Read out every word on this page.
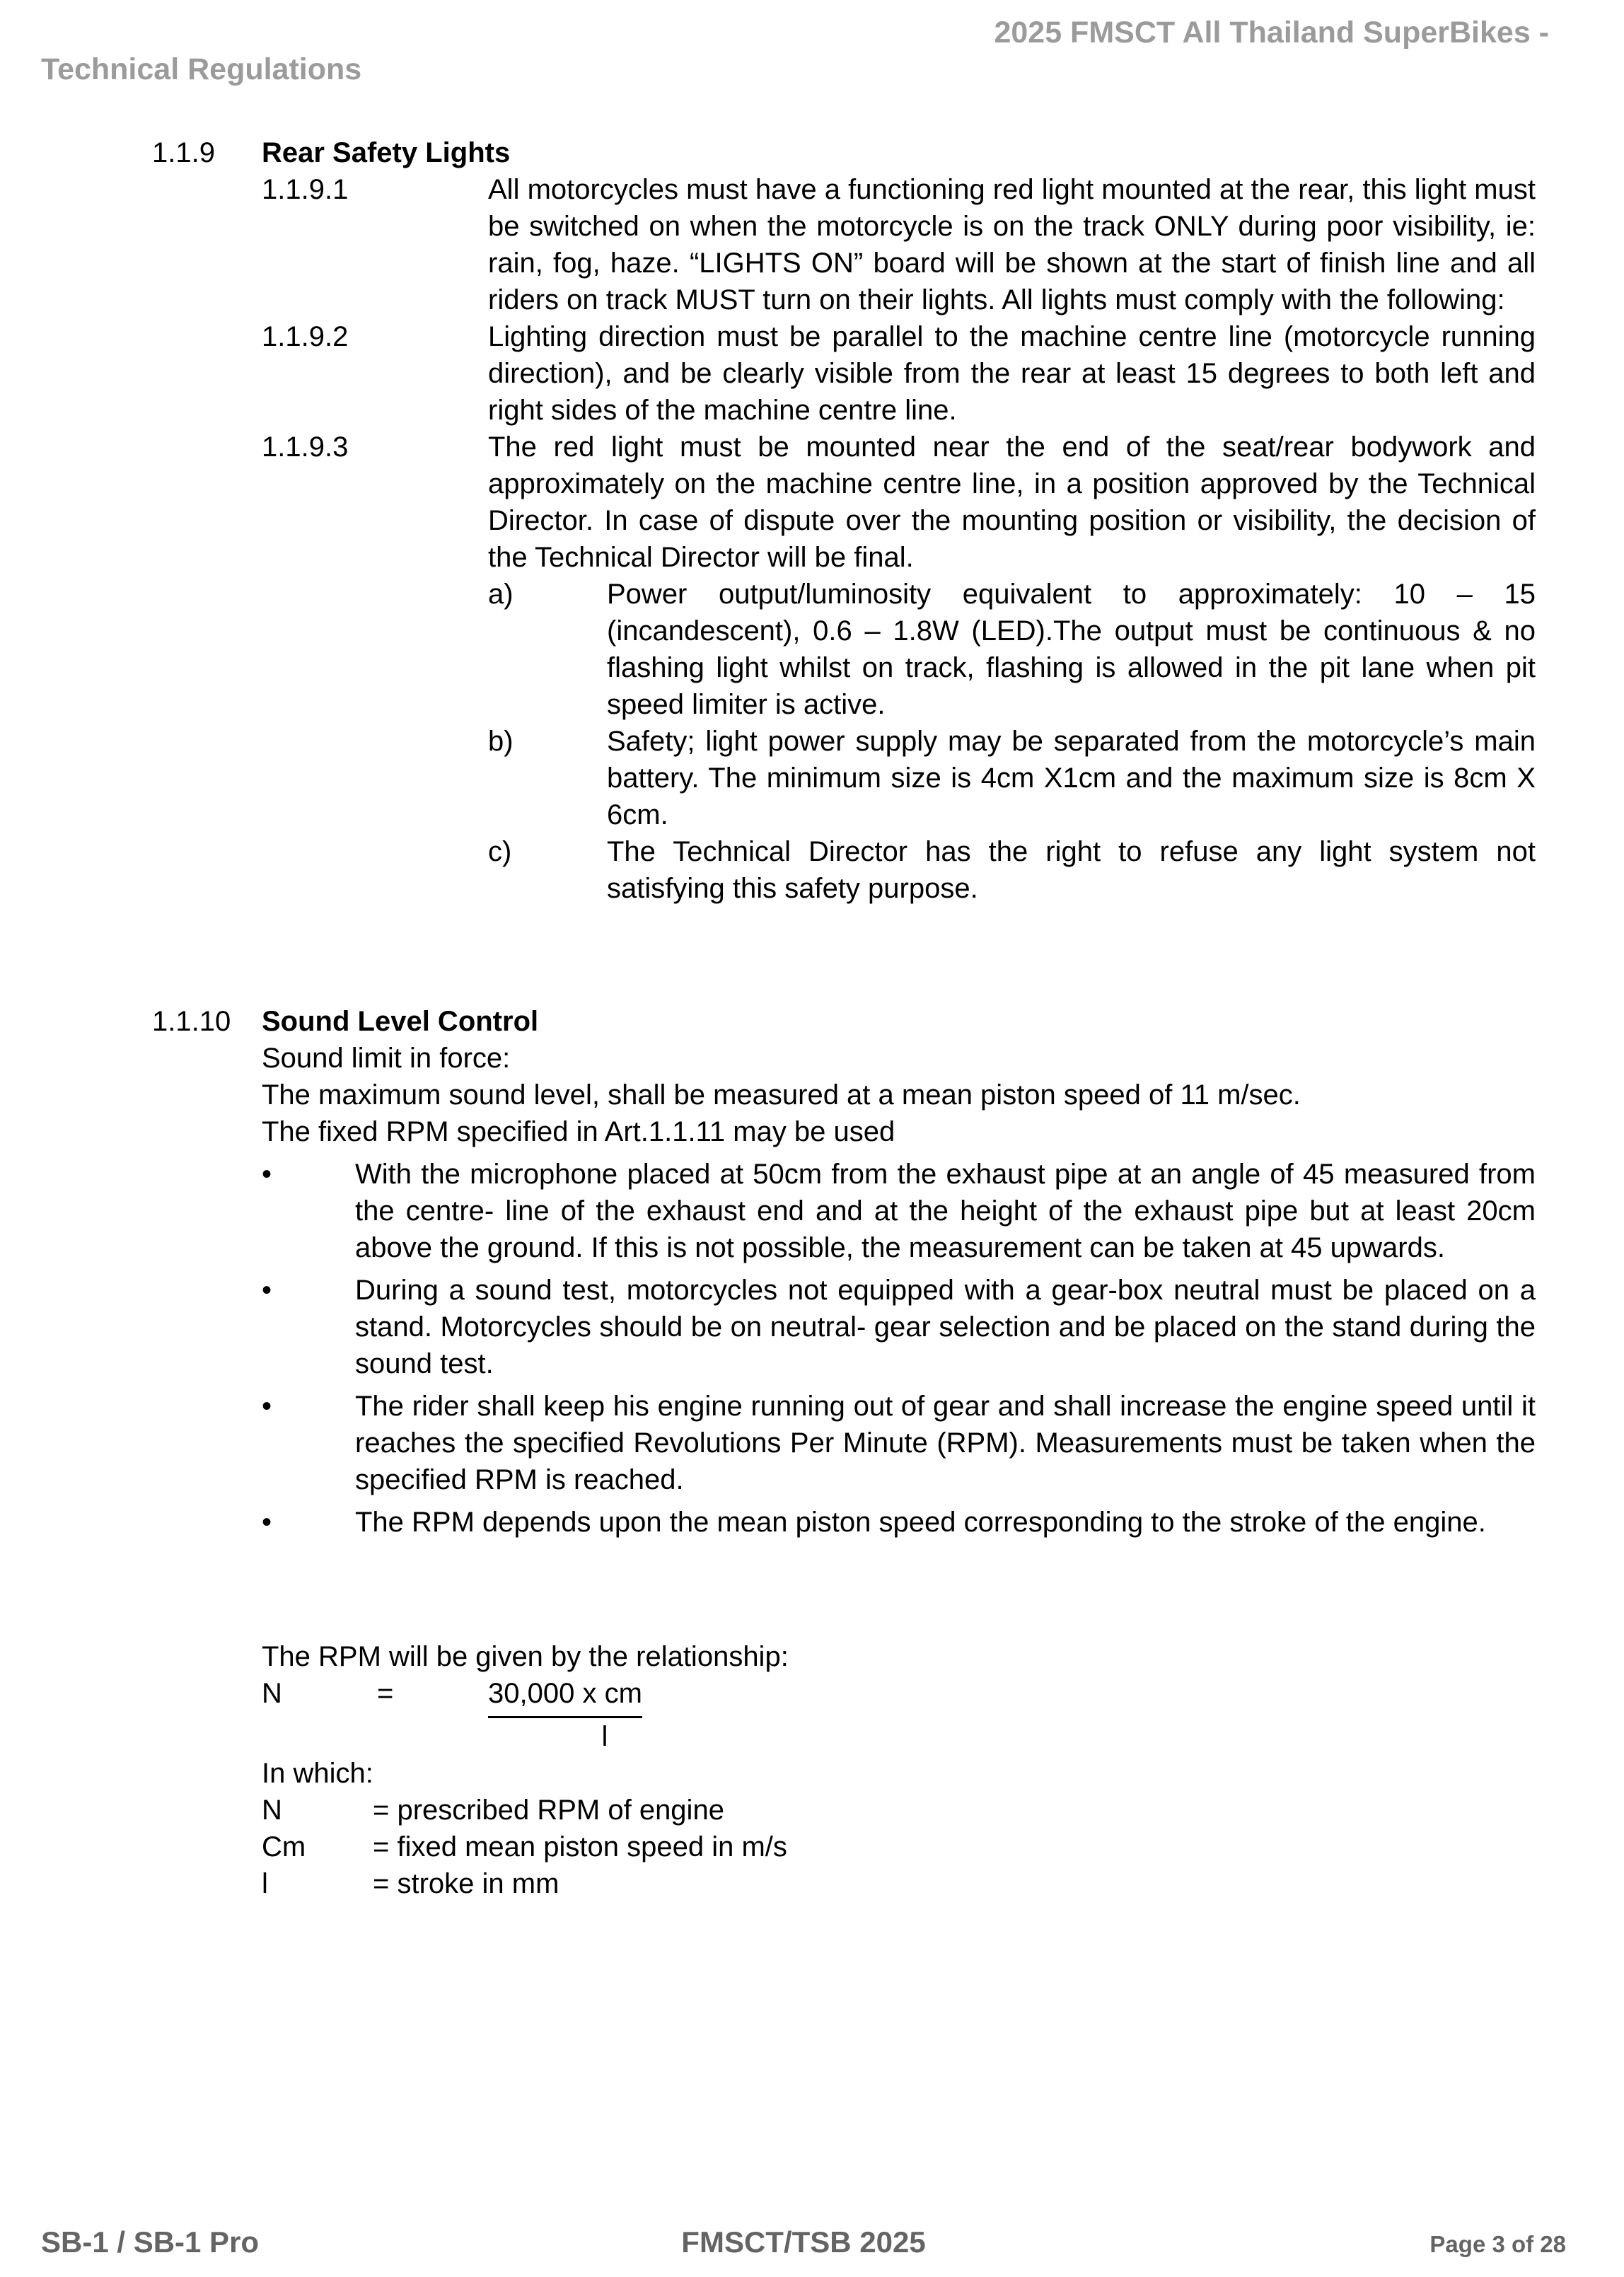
2025 FMSCT All Thailand SuperBikes -
Technical Regulations
1.1.9	Rear Safety Lights
1.1.9.1	All motorcycles must have a functioning red light mounted at the rear, this light must be switched on when the motorcycle is on the track ONLY during poor visibility, ie: rain, fog, haze. “LIGHTS ON” board will be shown at the start of finish line and all riders on track MUST turn on their lights. All lights must comply with the following:
1.1.9.2	Lighting direction must be parallel to the machine centre line (motorcycle running direction), and be clearly visible from the rear at least 15 degrees to both left and right sides of the machine centre line.
1.1.9.3	The red light must be mounted near the end of the seat/rear bodywork and approximately on the machine centre line, in a position approved by the Technical Director. In case of dispute over the mounting position or visibility, the decision of the Technical Director will be final.
a)	Power output/luminosity equivalent to approximately: 10 – 15 (incandescent), 0.6 – 1.8W (LED).The output must be continuous & no flashing light whilst on track, flashing is allowed in the pit lane when pit speed limiter is active.
b)	Safety; light power supply may be separated from the motorcycle’s main battery. The minimum size is 4cm X1cm and the maximum size is 8cm X 6cm.
c)	The Technical Director has the right to refuse any light system not satisfying this safety purpose.
1.1.10	Sound Level Control
Sound limit in force:
The maximum sound level, shall be measured at a mean piston speed of 11 m/sec.
The fixed RPM specified in Art.1.1.11 may be used
•	With the microphone placed at 50cm from the exhaust pipe at an angle of 45 measured from the centre- line of the exhaust end and at the height of the exhaust pipe but at least 20cm above the ground. If this is not possible, the measurement can be taken at 45 upwards.
•	During a sound test, motorcycles not equipped with a gear-box neutral must be placed on a stand. Motorcycles should be on neutral- gear selection and be placed on the stand during the sound test.
•	The rider shall keep his engine running out of gear and shall increase the engine speed until it reaches the specified Revolutions Per Minute (RPM). Measurements must be taken when the specified RPM is reached.
•	The RPM depends upon the mean piston speed corresponding to the stroke of the engine.
The RPM will be given by the relationship:
N	=	30,000 x cm
l
In which:
N	= prescribed RPM of engine
Cm	= fixed mean piston speed in m/s
l	= stroke in mm
SB-1 / SB-1 Pro	FMSCT/TSB 2025	Page 3 of 28
